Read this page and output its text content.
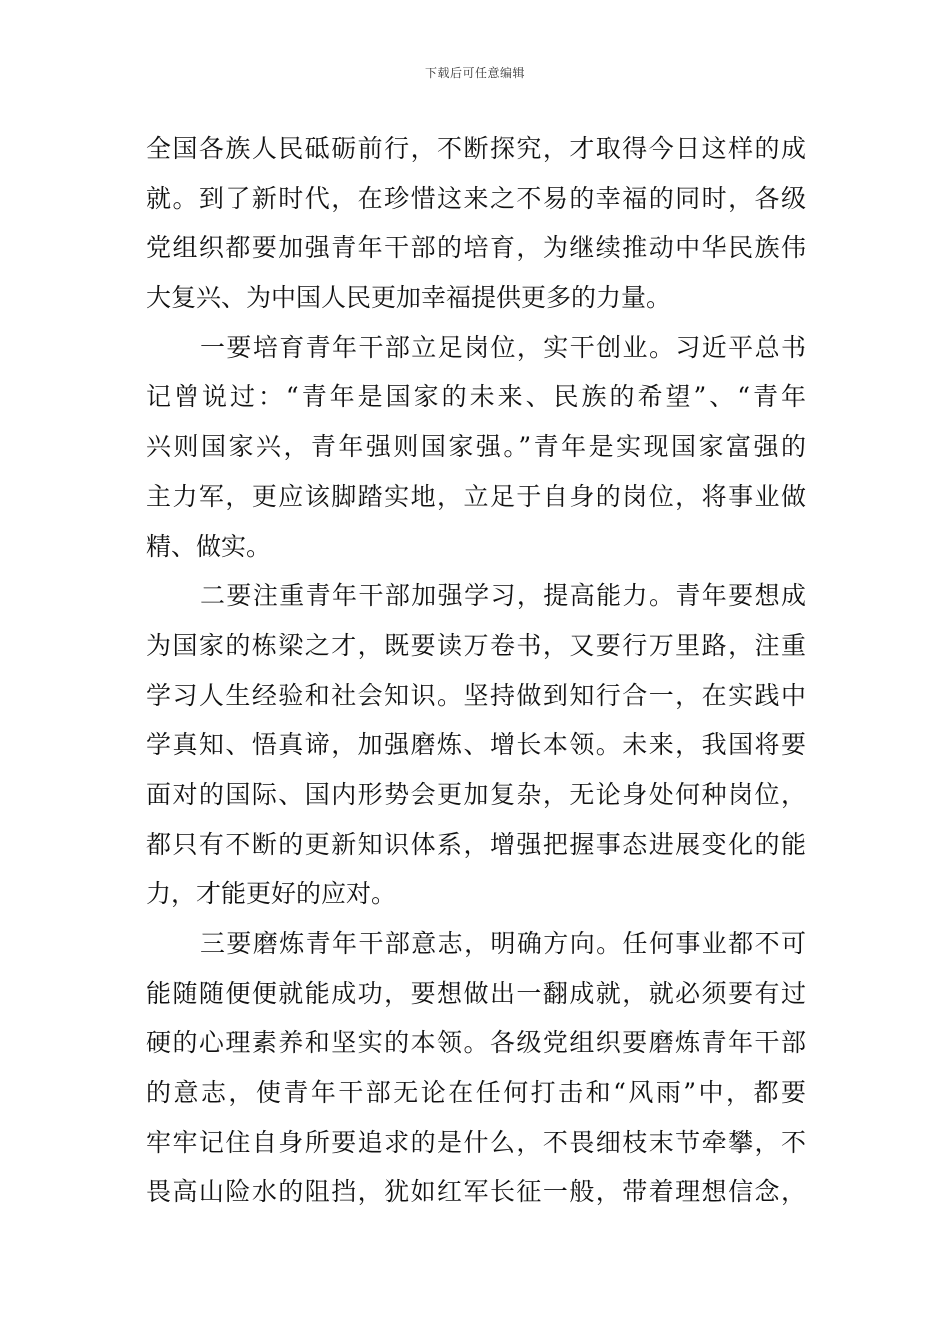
下载后可任意编辑
全国各族人民砥砺前行，不断探究，才取得今日这样的成
就。到了新时代，在珍惜这来之不易的幸福的同时，各级
党组织都要加强青年干部的培育，为继续推动中华民族伟
大复兴、为中国人民更加幸福提供更多的力量。
一要培育青年干部立足岗位，实干创业。习近平总书
记曾说过：“青年是国家的未来、民族的希望”、“青年
兴则国家兴，青年强则国家强。”青年是实现国家富强的
主力军，更应该脚踏实地，立足于自身的岗位，将事业做
精、做实。
二要注重青年干部加强学习，提高能力。青年要想成
为国家的栋梁之才，既要读万卷书，又要行万里路，注重
学习人生经验和社会知识。坚持做到知行合一，在实践中
学真知、悟真谛，加强磨炼、增长本领。未来，我国将要
面对的国际、国内形势会更加复杂，无论身处何种岗位，
都只有不断的更新知识体系，增强把握事态进展变化的能
力，才能更好的应对。
三要磨炼青年干部意志，明确方向。任何事业都不可
能随随便便就能成功，要想做出一翻成就，就必须要有过
硬的心理素养和坚实的本领。各级党组织要磨炼青年干部
的意志，使青年干部无论在任何打击和“风雨”中，都要
牢牢记住自身所要追求的是什么，不畏细枝末节牵攀，不
畏高山险水的阻挡，犹如红军长征一般，带着理想信念，
